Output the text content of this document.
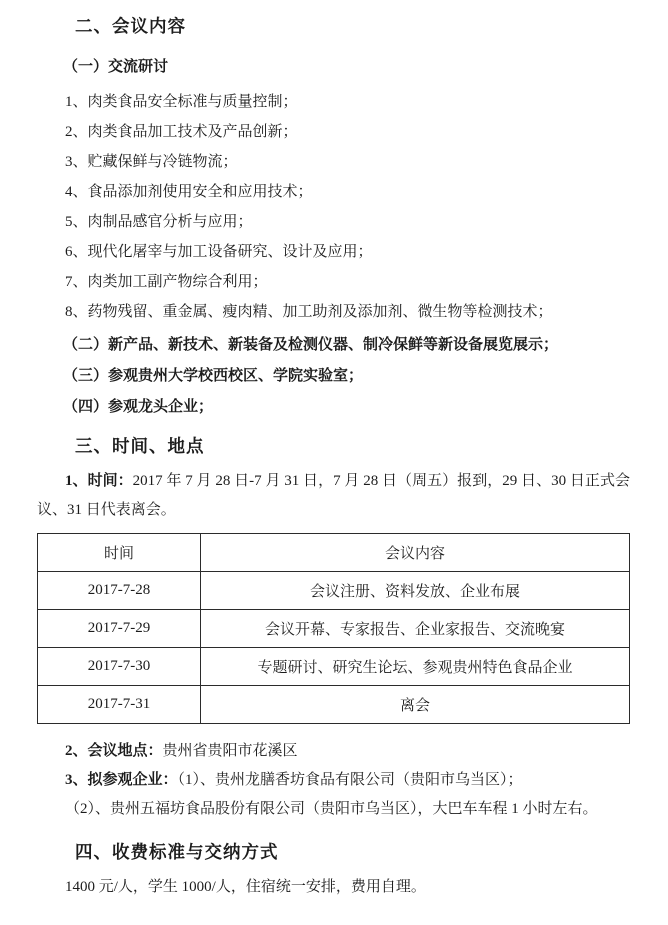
二、会议内容
（一）交流研讨

1、肉类食品安全标准与质量控制；

2、肉类食品加工技术及产品创新；

3、贮藏保鲜与冷链物流；

4、食品添加剂使用安全和应用技术；

5、肉制品感官分析与应用；

6、现代化屠宰与加工设备研究、设计及应用；

7、肉类加工副产物综合利用；

8、药物残留、重金属、瘦肉精、加工助剂及添加剂、微生物等检测技术；

（二）新产品、新技术、新装备及检测仪器、制冷保鲜等新设备展览展示；

（三）参观贵州大学校西校区、学院实验室；

（四）参观龙头企业；

三、时间、地点

1、时间：2017 年 7 月 28 日-7 月 31 日，7 月 28 日（周五）报到，29 日、30 日正式会议、31 日代表离会。

时间	会议内容
2017-7-28	会议注册、资料发放、企业布展
2017-7-29	会议开幕、专家报告、企业家报告、交流晚宴
2017-7-30	专题研讨、研究生论坛、参观贵州特色食品企业
2017-7-31	离会

2、会议地点：贵州省贵阳市花溪区

3、拟参观企业：（1）、贵州龙膳香坊食品有限公司（贵阳市乌当区）；

（2）、贵州五福坊食品股份有限公司（贵阳市乌当区），大巴车车程 1 小时左右。

四、收费标准与交纳方式

1400 元/人，学生 1000/人，住宿统一安排，费用自理。
